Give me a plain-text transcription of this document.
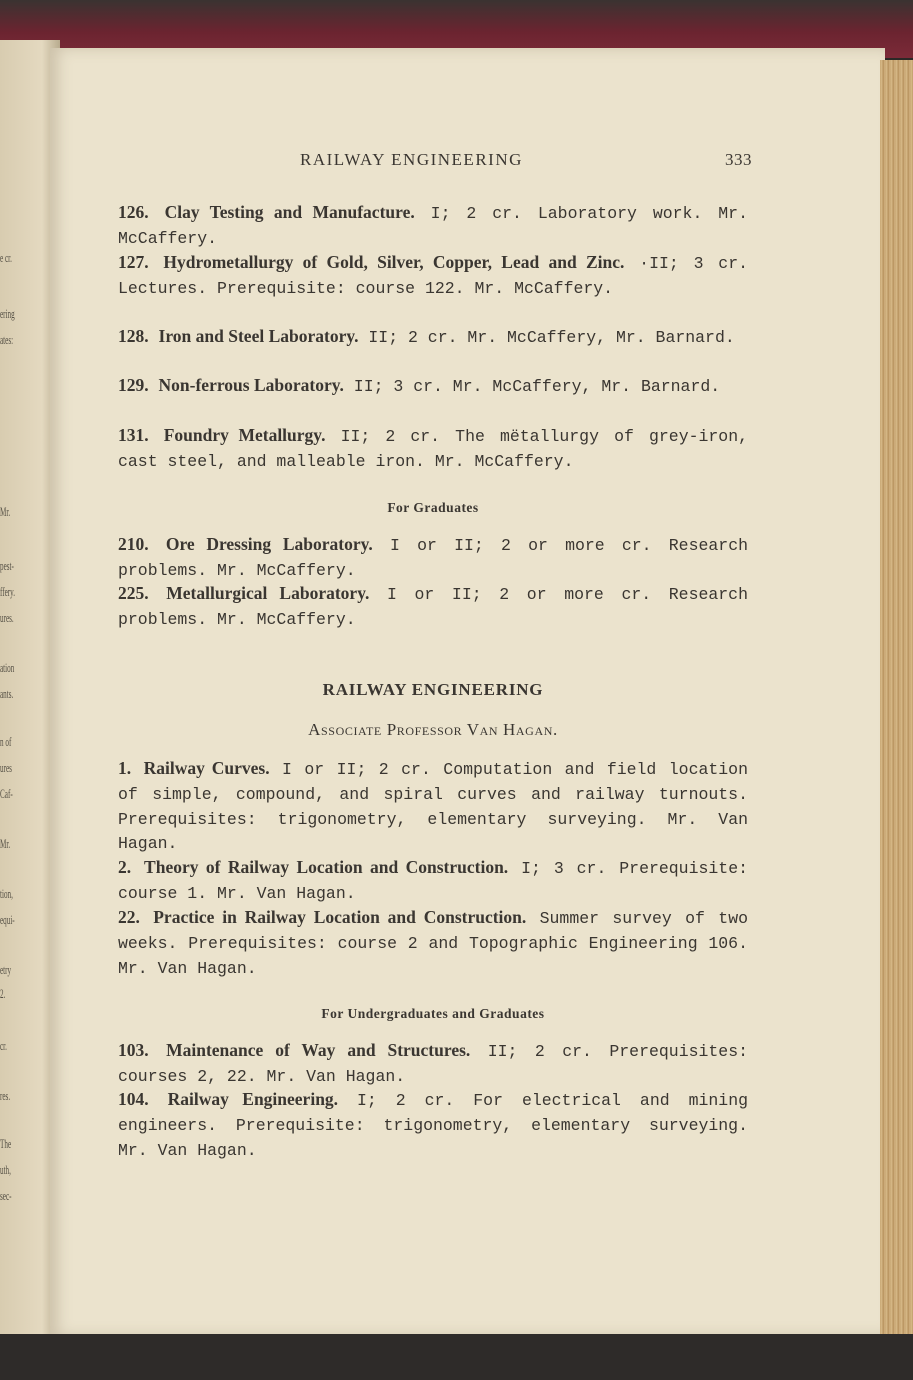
e cr.
ering
ates:
Mr.
pest-
ffery.
ures.
ation
ants.
n of
ures
Caf-
Mr.
tion,
equi-
etry
2.
cr.
res.
The
uth,
sec-
RAILWAY ENGINEERING	333
126. Clay Testing and Manufacture. I; 2 cr. Laboratory work. Mr. McCaffery.
127. Hydrometallurgy of Gold, Silver, Copper, Lead and Zinc. ·II; 3 cr. Lectures. Prerequisite: course 122. Mr. McCaffery.
128. Iron and Steel Laboratory. II; 2 cr. Mr. McCaffery, Mr. Barnard.
129. Non-ferrous Laboratory. II; 3 cr. Mr. McCaffery, Mr. Barnard.
131. Foundry Metallurgy. II; 2 cr. The mëtallurgy of grey-iron, cast steel, and malleable iron. Mr. McCaffery.
For Graduates
210. Ore Dressing Laboratory. I or II; 2 or more cr. Research problems. Mr. McCaffery.
225. Metallurgical Laboratory. I or II; 2 or more cr. Research problems. Mr. McCaffery.
RAILWAY ENGINEERING
Associate Professor Van Hagan.
1. Railway Curves. I or II; 2 cr. Computation and field location of simple, compound, and spiral curves and railway turnouts. Prerequisites: trigonometry, elementary surveying. Mr. Van Hagan.
2. Theory of Railway Location and Construction. I; 3 cr. Prerequisite: course 1. Mr. Van Hagan.
22. Practice in Railway Location and Construction. Summer survey of two weeks. Prerequisites: course 2 and Topographic Engineering 106. Mr. Van Hagan.
For Undergraduates and Graduates
103. Maintenance of Way and Structures. II; 2 cr. Prerequisites: courses 2, 22. Mr. Van Hagan.
104. Railway Engineering. I; 2 cr. For electrical and mining engineers. Prerequisite: trigonometry, elementary surveying. Mr. Van Hagan.
